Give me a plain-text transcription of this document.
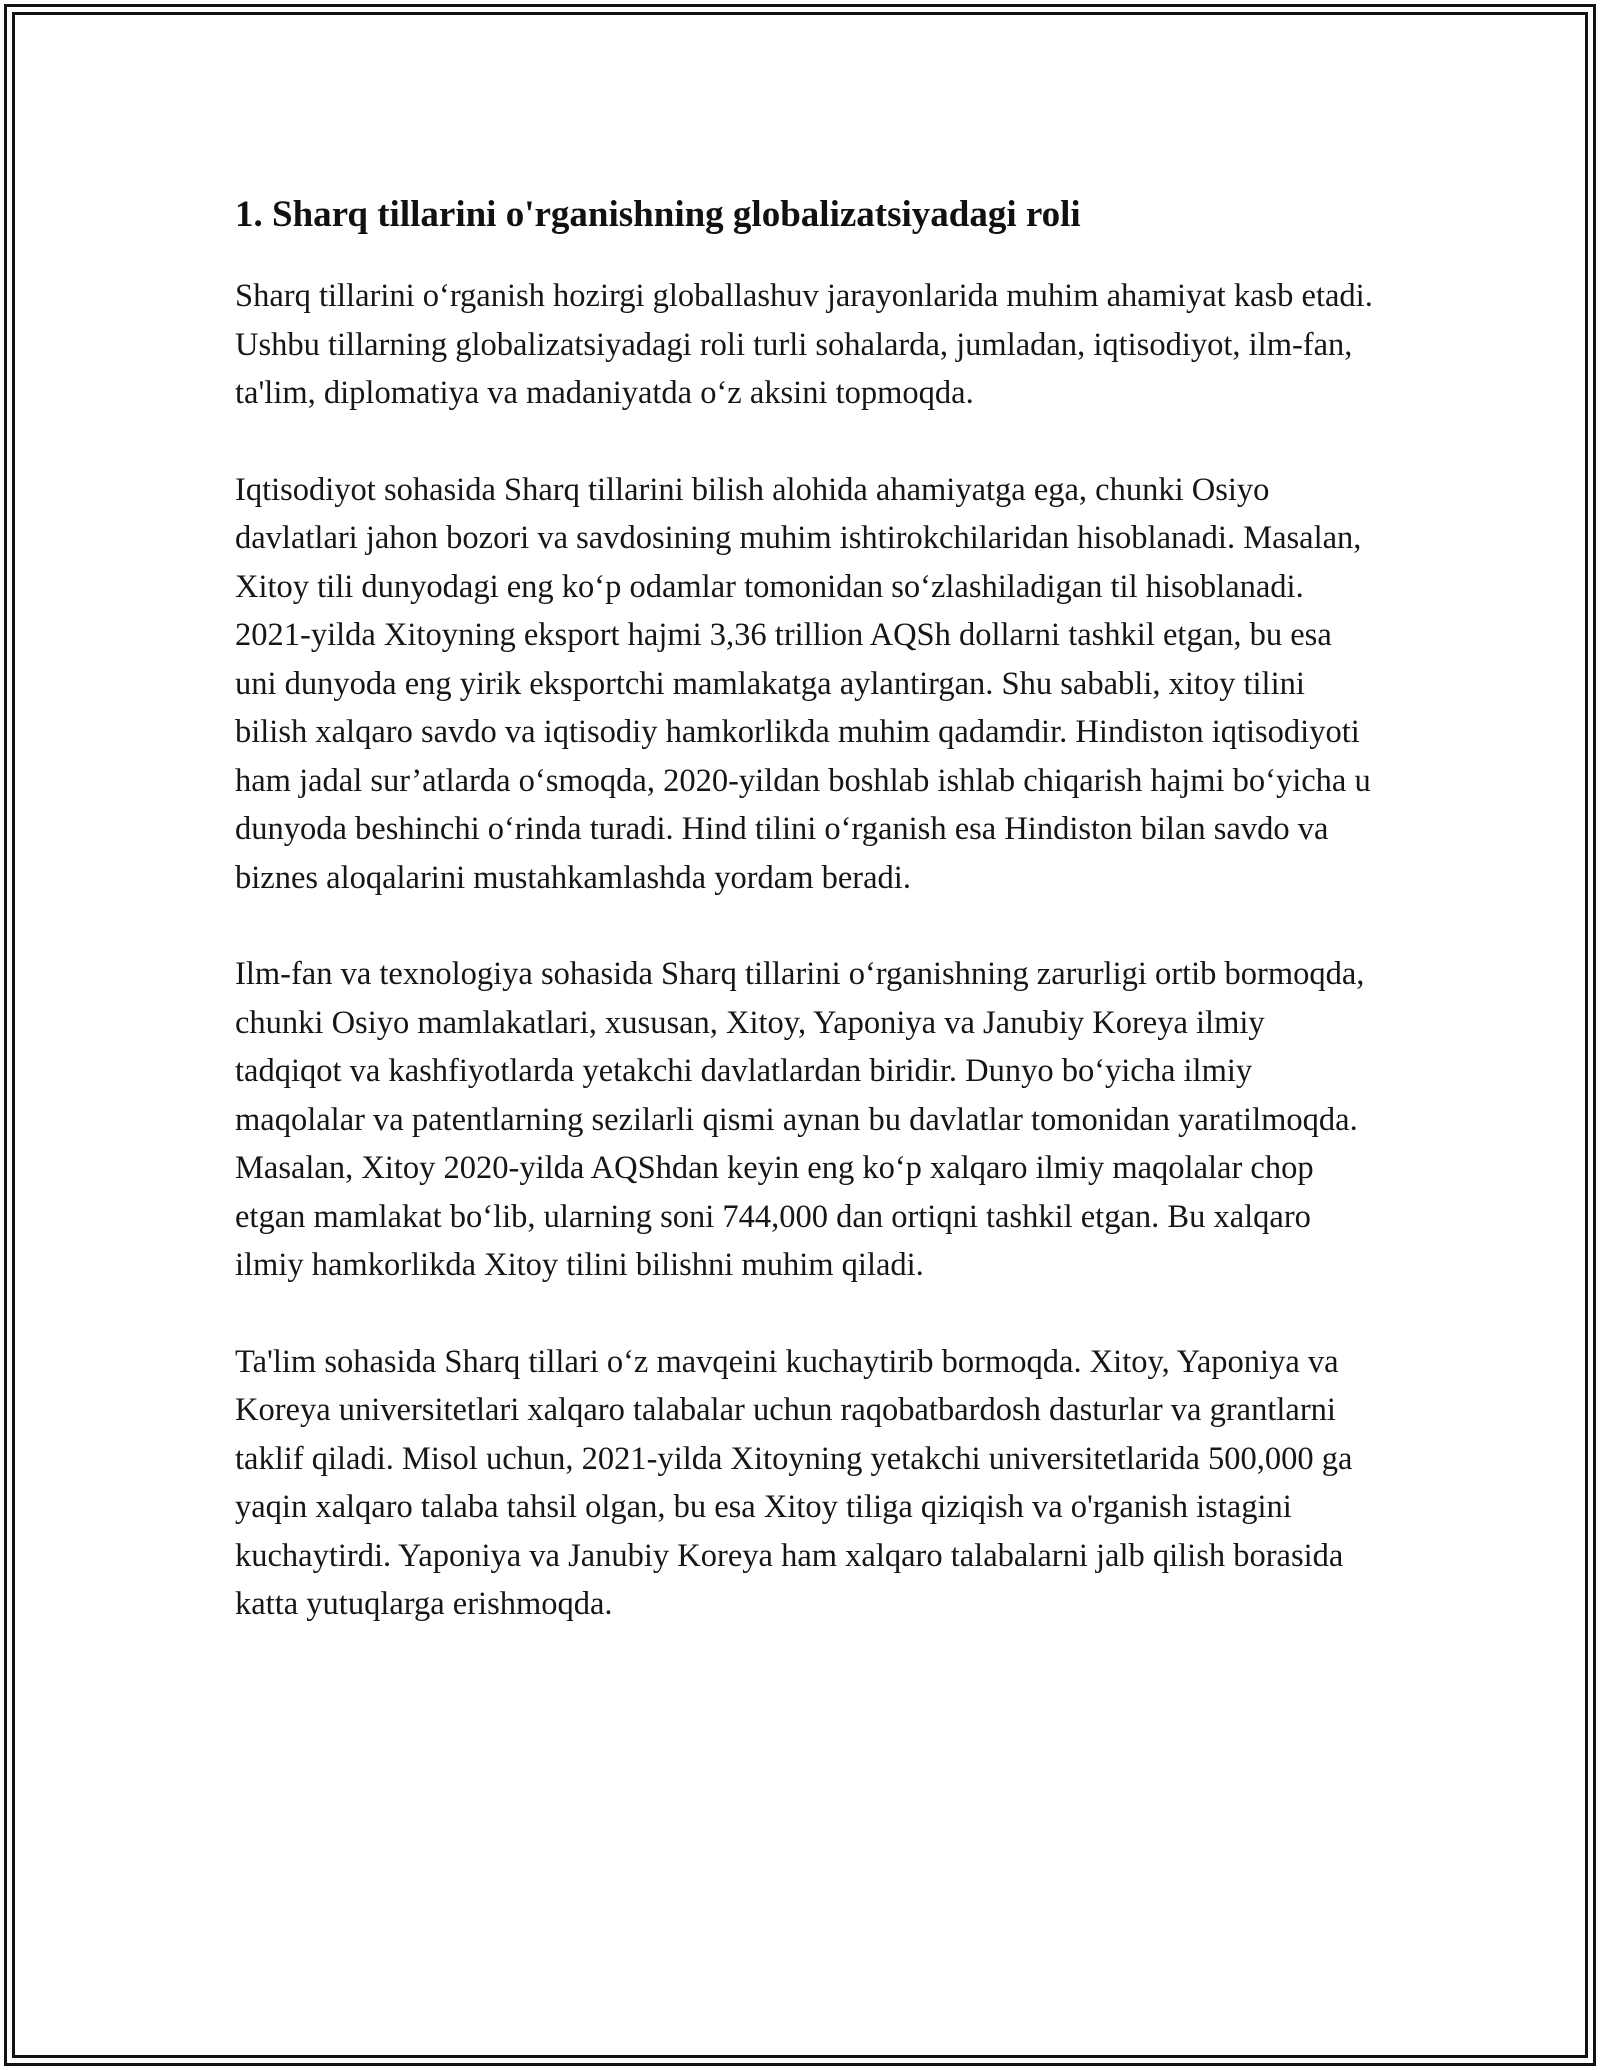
1. Sharq tillarini o'rganishning globalizatsiyadagi roli

Sharq tillarini oʻrganish hozirgi globallashuv jarayonlarida muhim ahamiyat kasb etadi. Ushbu tillarning globalizatsiyadagi roli turli sohalarda, jumladan, iqtisodiyot, ilm-fan, ta'lim, diplomatiya va madaniyatda oʻz aksini topmoqda.

Iqtisodiyot sohasida Sharq tillarini bilish alohida ahamiyatga ega, chunki Osiyo davlatlari jahon bozori va savdosining muhim ishtirokchilaridan hisoblanadi. Masalan, Xitoy tili dunyodagi eng koʻp odamlar tomonidan soʻzlashiladigan til hisoblanadi. 2021-yilda Xitoyning eksport hajmi 3,36 trillion AQSh dollarni tashkil etgan, bu esa uni dunyoda eng yirik eksportchi mamlakatga aylantirgan. Shu sababli, xitoy tilini bilish xalqaro savdo va iqtisodiy hamkorlikda muhim qadamdir. Hindiston iqtisodiyoti ham jadal sur’atlarda oʻsmoqda, 2020-yildan boshlab ishlab chiqarish hajmi boʻyicha u dunyoda beshinchi oʻrinda turadi. Hind tilini oʻrganish esa Hindiston bilan savdo va biznes aloqalarini mustahkamlashda yordam beradi.

Ilm-fan va texnologiya sohasida Sharq tillarini oʻrganishning zarurligi ortib bormoqda, chunki Osiyo mamlakatlari, xususan, Xitoy, Yaponiya va Janubiy Koreya ilmiy tadqiqot va kashfiyotlarda yetakchi davlatlardan biridir. Dunyo boʻyicha ilmiy maqolalar va patentlarning sezilarli qismi aynan bu davlatlar tomonidan yaratilmoqda. Masalan, Xitoy 2020-yilda AQShdan keyin eng koʻp xalqaro ilmiy maqolalar chop etgan mamlakat boʻlib, ularning soni 744,000 dan ortiqni tashkil etgan. Bu xalqaro ilmiy hamkorlikda Xitoy tilini bilishni muhim qiladi.

Ta'lim sohasida Sharq tillari oʻz mavqeini kuchaytirib bormoqda. Xitoy, Yaponiya va Koreya universitetlari xalqaro talabalar uchun raqobatbardosh dasturlar va grantlarni taklif qiladi. Misol uchun, 2021-yilda Xitoyning yetakchi universitetlarida 500,000 ga yaqin xalqaro talaba tahsil olgan, bu esa Xitoy tiliga qiziqish va o'rganish istagini kuchaytirdi. Yaponiya va Janubiy Koreya ham xalqaro talabalarni jalb qilish borasida katta yutuqlarga erishmoqda.
